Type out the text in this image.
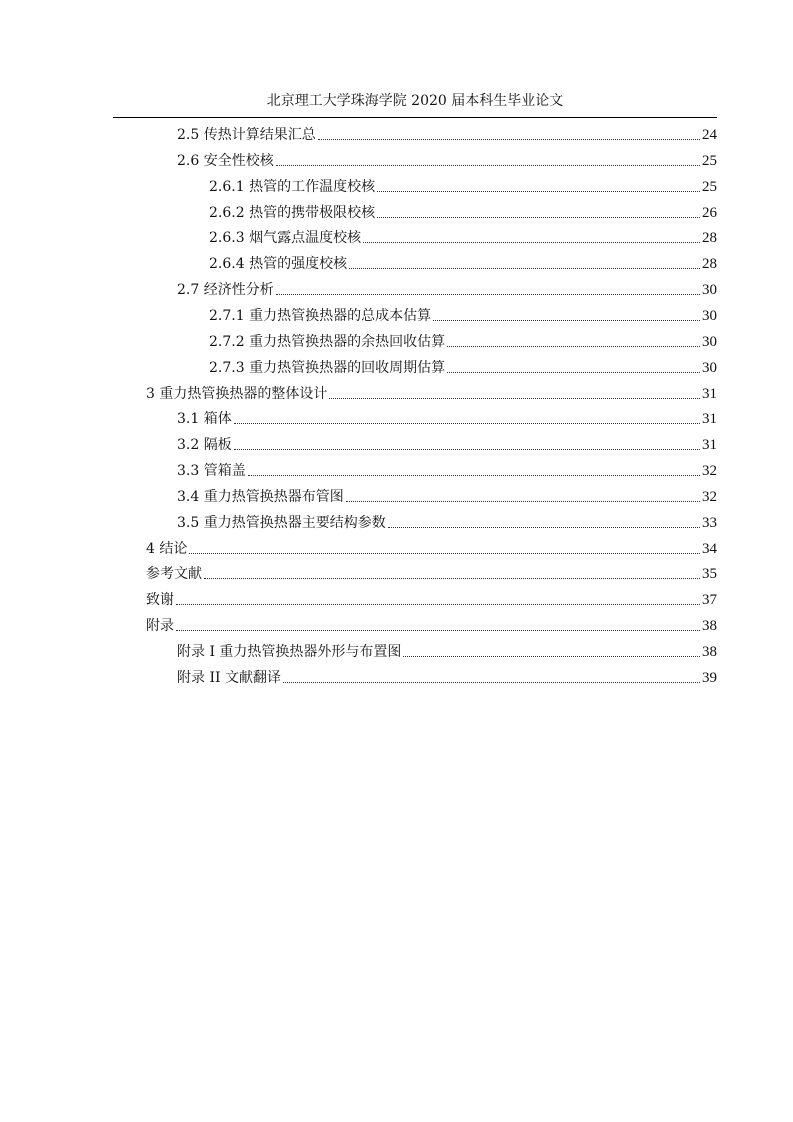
北京理工大学珠海学院 2020 届本科生毕业论文
2.5 传热计算结果汇总	24
2.6 安全性校核	25
2.6.1 热管的工作温度校核	25
2.6.2 热管的携带极限校核	26
2.6.3 烟气露点温度校核	28
2.6.4 热管的强度校核	28
2.7 经济性分析	30
2.7.1 重力热管换热器的总成本估算	30
2.7.2 重力热管换热器的余热回收估算	30
2.7.3 重力热管换热器的回收周期估算	30
3 重力热管换热器的整体设计	31
3.1 箱体	31
3.2 隔板	31
3.3 管箱盖	32
3.4 重力热管换热器布管图	32
3.5 重力热管换热器主要结构参数	33
4 结论	34
参考文献	35
致谢	37
附录	38
附录 I 重力热管换热器外形与布置图	38
附录 II 文献翻译	39
